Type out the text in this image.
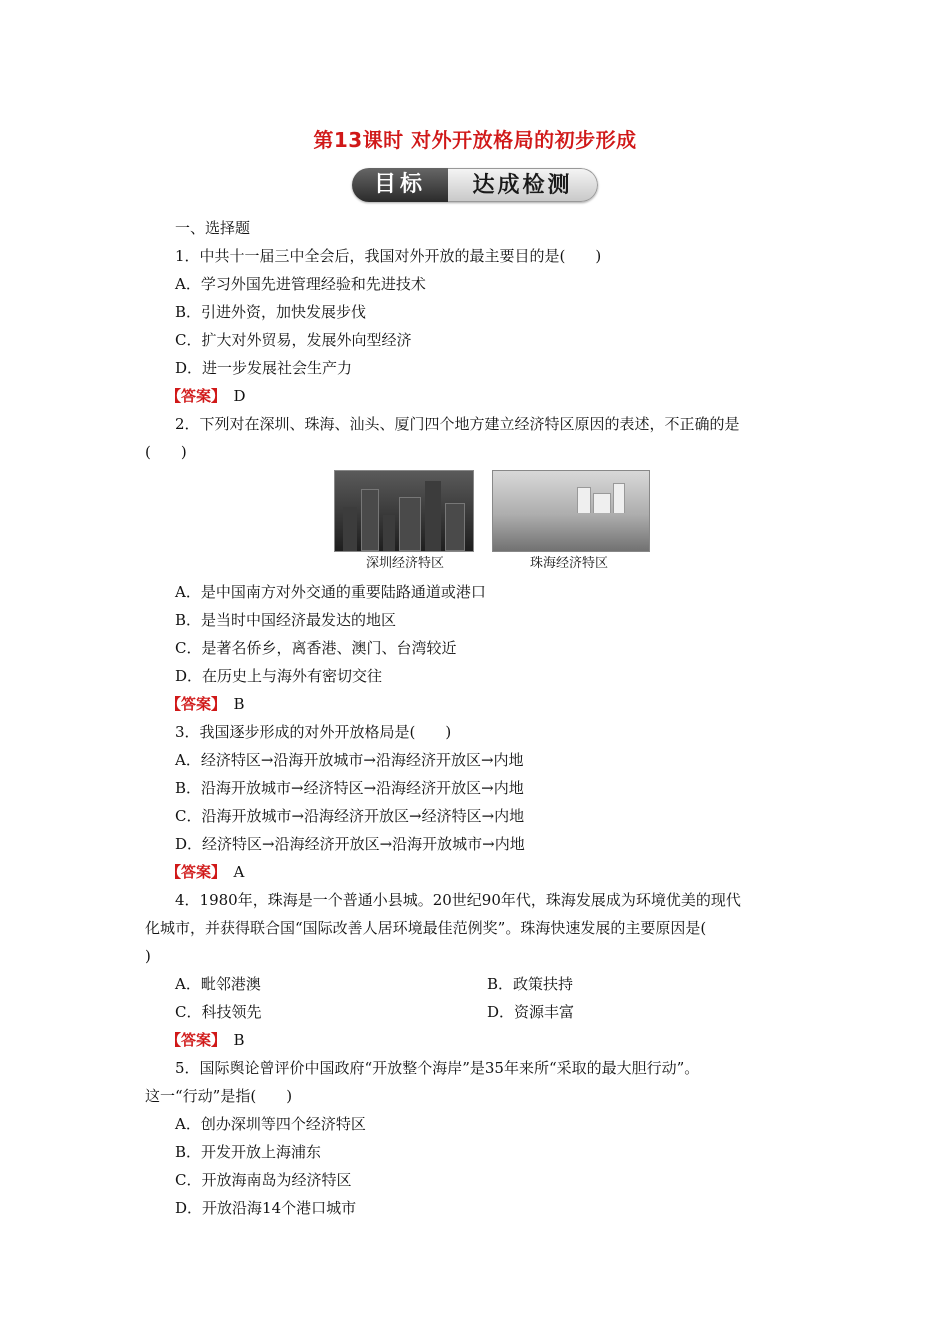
第13课时 对外开放格局的初步形成
目标	达成检测
一、选择题
1．中共十一届三中全会后，我国对外开放的最主要目的是(　　)
A．学习外国先进管理经验和先进技术
B．引进外资，加快发展步伐
C．扩大对外贸易，发展外向型经济
D．进一步发展社会生产力
【答案】　 D
2．下列对在深圳、珠海、汕头、厦门四个地方建立经济特区原因的表述，不正确的是
(　　)
深圳经济特区	珠海经济特区
A．是中国南方对外交通的重要陆路通道或港口
B．是当时中国经济最发达的地区
C．是著名侨乡，离香港、澳门、台湾较近
D．在历史上与海外有密切交往
【答案】　 B
3．我国逐步形成的对外开放格局是(　　)
A．经济特区→沿海开放城市→沿海经济开放区→内地
B．沿海开放城市→经济特区→沿海经济开放区→内地
C．沿海开放城市→沿海经济开放区→经济特区→内地
D．经济特区→沿海经济开放区→沿海开放城市→内地
【答案】　 A
4．1980年，珠海是一个普通小县城。20世纪90年代，珠海发展成为环境优美的现代
化城市，并获得联合国“国际改善人居环境最佳范例奖”。珠海快速发展的主要原因是(
)
A．毗邻港澳	B．政策扶持
C．科技领先	D．资源丰富
【答案】　 B
5．国际舆论曾评价中国政府“开放整个海岸”是35年来所“采取的最大胆行动”。
这一“行动”是指(　　)
A．创办深圳等四个经济特区
B．开发开放上海浦东
C．开放海南岛为经济特区
D．开放沿海14个港口城市
